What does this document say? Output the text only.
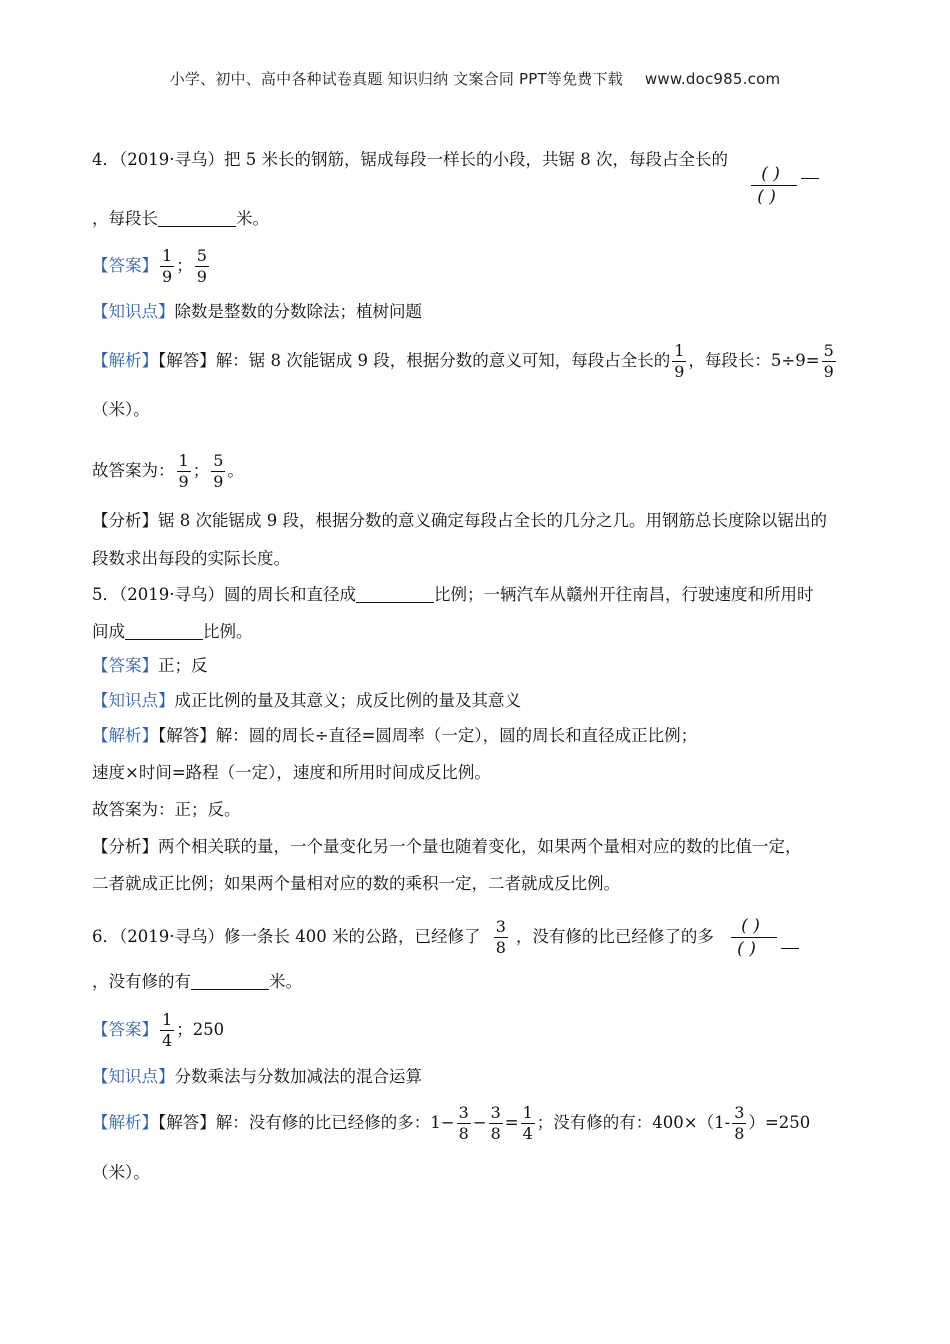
小学、初中、高中各种试卷真题 知识归纳 文案合同 PPT等免费下载 www.doc985.com
4．（2019·寻乌）把 5 米长的钢筋，锯成每段一样长的小段，共锯 8 次，每段占全长的
( )
( )
，每段长	米。
【答案】 $\frac{1}{9}$ ； $\frac{5}{9}$
【知识点】除数是整数的分数除法；植树问题
【解析】【解答】解：锯 8 次能锯成 9 段，根据分数的意义可知，每段占全长的 $\frac{1}{9}$ ，每段长：$5\div 9= \frac{5}{9}$
（米）。
故答案为： $\frac{1}{9}$ ； $\frac{5}{9}$ 。
【分析】锯 8 次能锯成 9 段，根据分数的意义确定每段占全长的几分之几。用钢筋总长度除以锯出的
段数求出每段的实际长度。
5．（2019·寻乌）圆的周长和直径成	比例；一辆汽车从赣州开往南昌，行驶速度和所用时
间成	比例。
【答案】正；反
【知识点】成正比例的量及其意义；成反比例的量及其意义
【解析】【解答】解：圆的周长÷直径=圆周率（一定），圆的周长和直径成正比例；
速度×时间=路程（一定），速度和所用时间成反比例。
故答案为：正；反。
【分析】两个相关联的量，一个量变化另一个量也随着变化，如果两个量相对应的数的比值一定，
二者就成正比例；如果两个量相对应的数的乘积一定，二者就成反比例。
6．（2019·寻乌）修一条长 400 米的公路，已经修了 $\frac{3}{8}$ ，没有修的比已经修了的多
( )
( )
，没有修的有	米。
【答案】 $\frac{1}{4}$ ；250
【知识点】分数乘法与分数加减法的混合运算
【解析】【解答】解：没有修的比已经修的多：$1- \frac{3}{8} - \frac{3}{8} = \frac{1}{4}$ ；没有修的有：$400\times(1- \frac{3}{8} )=250$
（米）。
